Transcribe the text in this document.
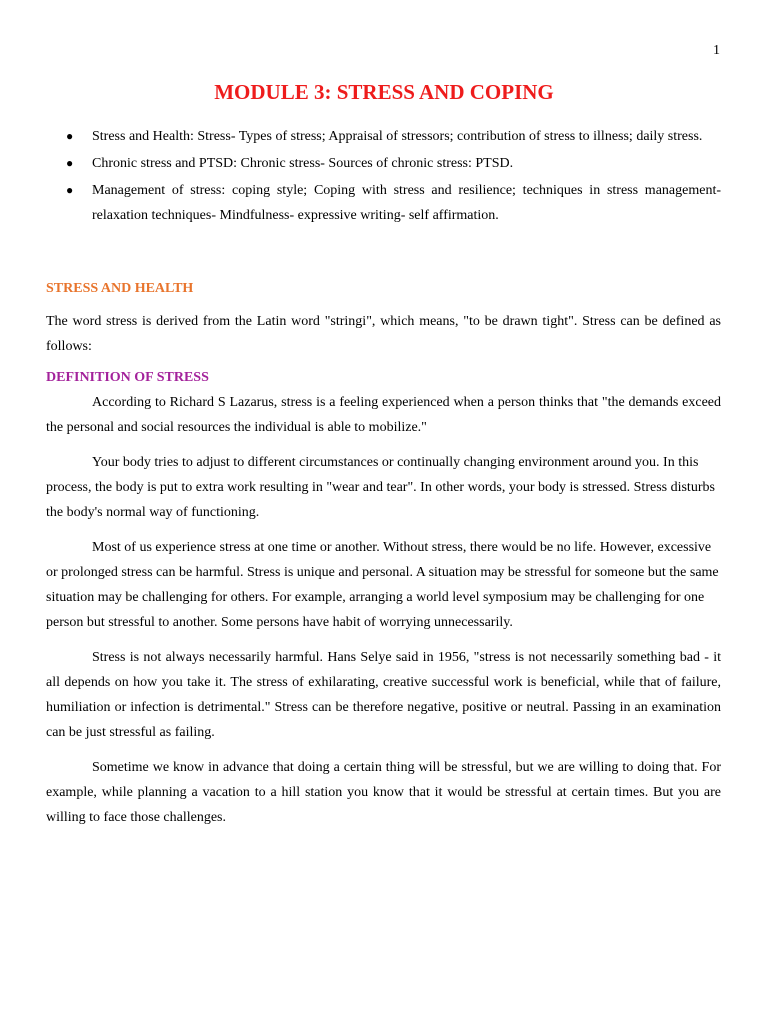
1
MODULE 3: STRESS AND COPING
● Stress and Health: Stress- Types of stress; Appraisal of stressors; contribution of stress to illness; daily stress.
● Chronic stress and PTSD: Chronic stress- Sources of chronic stress: PTSD.
● Management of stress: coping style; Coping with stress and resilience; techniques in stress management- relaxation techniques- Mindfulness- expressive writing- self affirmation.
STRESS AND HEALTH

The word stress is derived from the Latin word "stringi", which means, "to be drawn tight". Stress can be defined as follows:

DEFINITION OF STRESS

According to Richard S Lazarus, stress is a feeling experienced when a person thinks that "the demands exceed the personal and social resources the individual is able to mobilize."

Your body tries to adjust to different circumstances or continually changing environment around you. In this process, the body is put to extra work resulting in "wear and tear". In other words, your body is stressed. Stress disturbs the body's normal way of functioning.

Most of us experience stress at one time or another. Without stress, there would be no life. However, excessive or prolonged stress can be harmful. Stress is unique and personal. A situation may be stressful for someone but the same situation may be challenging for others. For example, arranging a world level symposium may be challenging for one person but stressful to another. Some persons have habit of worrying unnecessarily.

Stress is not always necessarily harmful. Hans Selye said in 1956, "stress is not necessarily something bad - it all depends on how you take it. The stress of exhilarating, creative successful work is beneficial, while that of failure, humiliation or infection is detrimental." Stress can be therefore negative, positive or neutral. Passing in an examination can be just stressful as failing.

Sometime we know in advance that doing a certain thing will be stressful, but we are willing to doing that. For example, while planning a vacation to a hill station you know that it would be stressful at certain times. But you are willing to face those challenges.
